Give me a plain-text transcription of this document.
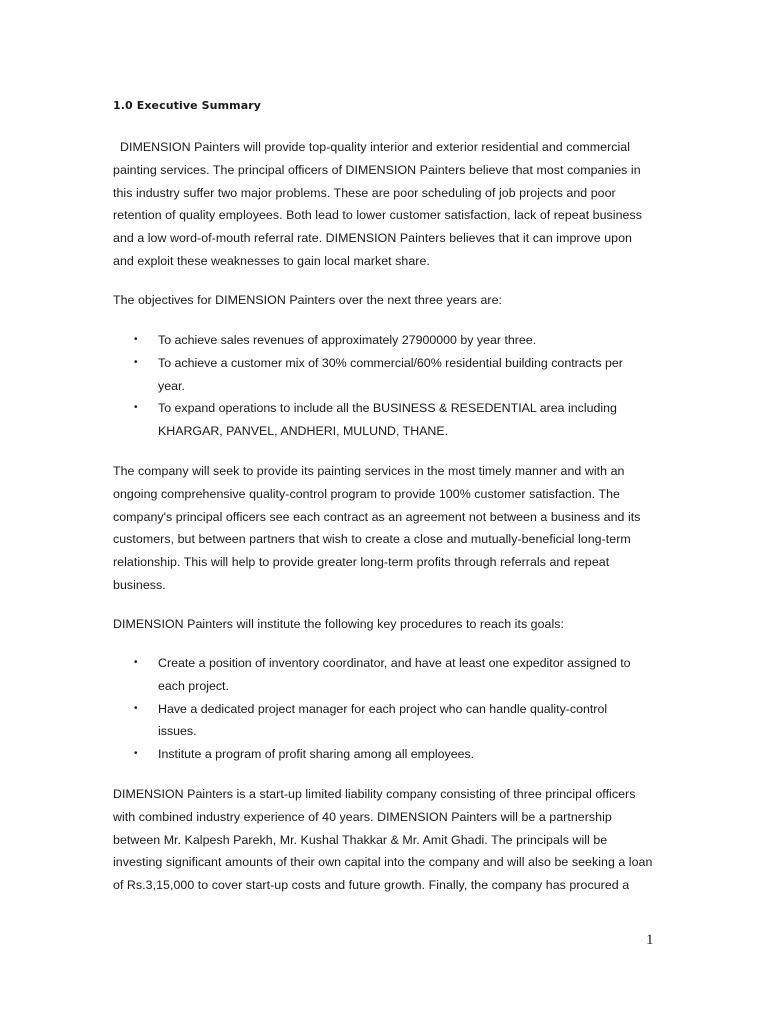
1.0 Executive Summary

DIMENSION Painters will provide top-quality interior and exterior residential and commercial
painting services. The principal officers of DIMENSION Painters believe that most companies in
this industry suffer two major problems. These are poor scheduling of job projects and poor
retention of quality employees. Both lead to lower customer satisfaction, lack of repeat business
and a low word-of-mouth referral rate. DIMENSION Painters believes that it can improve upon
and exploit these weaknesses to gain local market share.

The objectives for DIMENSION Painters over the next three years are:

• To achieve sales revenues of approximately 27900000 by year three.
• To achieve a customer mix of 30% commercial/60% residential building contracts per
year.
• To expand operations to include all the BUSINESS & RESEDENTIAL area including
KHARGAR, PANVEL, ANDHERI, MULUND, THANE.

The company will seek to provide its painting services in the most timely manner and with an
ongoing comprehensive quality-control program to provide 100% customer satisfaction. The
company's principal officers see each contract as an agreement not between a business and its
customers, but between partners that wish to create a close and mutually-beneficial long-term
relationship. This will help to provide greater long-term profits through referrals and repeat
business.

DIMENSION Painters will institute the following key procedures to reach its goals:

• Create a position of inventory coordinator, and have at least one expeditor assigned to
each project.
• Have a dedicated project manager for each project who can handle quality-control
issues.
• Institute a program of profit sharing among all employees.

DIMENSION Painters is a start-up limited liability company consisting of three principal officers
with combined industry experience of 40 years. DIMENSION Painters will be a partnership
between Mr. Kalpesh Parekh, Mr. Kushal Thakkar & Mr. Amit Ghadi. The principals will be
investing significant amounts of their own capital into the company and will also be seeking a loan
of Rs.3,15,000 to cover start-up costs and future growth. Finally, the company has procured a

1
